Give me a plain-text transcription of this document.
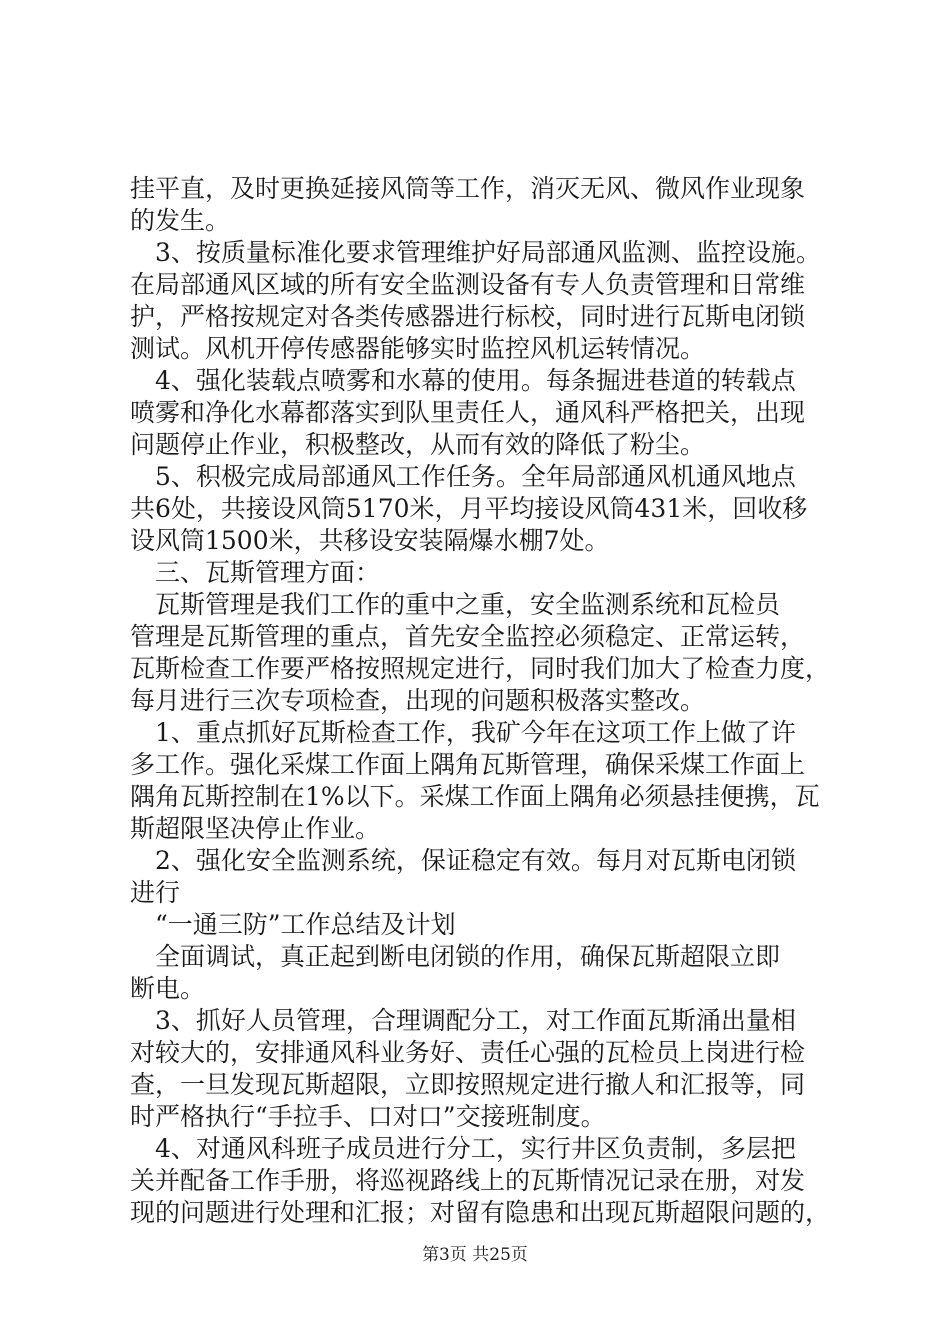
挂平直，及时更换延接风筒等工作，消灭无风、微风作业现象
的发生。
　3、按质量标准化要求管理维护好局部通风监测、监控设施。
在局部通风区域的所有安全监测设备有专人负责管理和日常维
护，严格按规定对各类传感器进行标校，同时进行瓦斯电闭锁
测试。风机开停传感器能够实时监控风机运转情况。
　4、强化装载点喷雾和水幕的使用。每条掘进巷道的转载点
喷雾和净化水幕都落实到队里责任人，通风科严格把关，出现
问题停止作业，积极整改，从而有效的降低了粉尘。
　5、积极完成局部通风工作任务。全年局部通风机通风地点
共6处，共接设风筒5170米，月平均接设风筒431米，回收移
设风筒1500米，共移设安装隔爆水棚7处。
　三、瓦斯管理方面：
　瓦斯管理是我们工作的重中之重，安全监测系统和瓦检员
管理是瓦斯管理的重点，首先安全监控必须稳定、正常运转，
瓦斯检查工作要严格按照规定进行，同时我们加大了检查力度，
每月进行三次专项检查，出现的问题积极落实整改。
　1、重点抓好瓦斯检查工作，我矿今年在这项工作上做了许
多工作。强化采煤工作面上隅角瓦斯管理，确保采煤工作面上
隅角瓦斯控制在1%以下。采煤工作面上隅角必须悬挂便携，瓦
斯超限坚决停止作业。
　2、强化安全监测系统，保证稳定有效。每月对瓦斯电闭锁
进行
　“一通三防”工作总结及计划
　全面调试，真正起到断电闭锁的作用，确保瓦斯超限立即
断电。
　3、抓好人员管理，合理调配分工，对工作面瓦斯涌出量相
对较大的，安排通风科业务好、责任心强的瓦检员上岗进行检
查，一旦发现瓦斯超限，立即按照规定进行撤人和汇报等，同
时严格执行“手拉手、口对口”交接班制度。
　4、对通风科班子成员进行分工，实行井区负责制，多层把
关并配备工作手册，将巡视路线上的瓦斯情况记录在册，对发
现的问题进行处理和汇报；对留有隐患和出现瓦斯超限问题的，
第3页 共25页
